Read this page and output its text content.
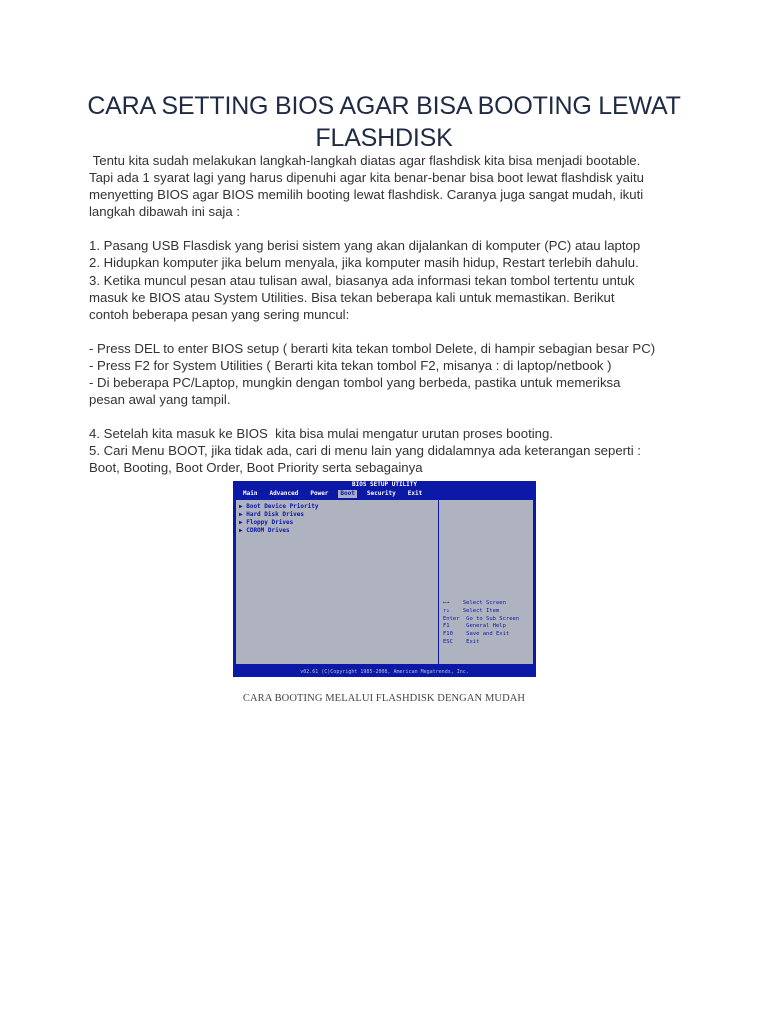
CARA SETTING BIOS AGAR BISA BOOTING LEWAT
FLASHDISK

Tentu kita sudah melakukan langkah-langkah diatas agar flashdisk kita bisa menjadi bootable.

Tapi ada 1 syarat lagi yang harus dipenuhi agar kita benar-benar bisa boot lewat flashdisk yaitu

menyetting BIOS agar BIOS memilih booting lewat flashdisk. Caranya juga sangat mudah, ikuti

langkah dibawah ini saja :

1. Pasang USB Flasdisk yang berisi sistem yang akan dijalankan di komputer (PC) atau laptop

2. Hidupkan komputer jika belum menyala, jika komputer masih hidup, Restart terlebih dahulu.

3. Ketika muncul pesan atau tulisan awal, biasanya ada informasi tekan tombol tertentu untuk

masuk ke BIOS atau System Utilities. Bisa tekan beberapa kali untuk memastikan. Berikut

contoh beberapa pesan yang sering muncul:

- Press DEL to enter BIOS setup ( berarti kita tekan tombol Delete, di hampir sebagian besar PC)

- Press F2 for System Utilities ( Berarti kita tekan tombol F2, misanya : di laptop/netbook )

- Di beberapa PC/Laptop, mungkin dengan tombol yang berbeda, pastika untuk memeriksa

pesan awal yang tampil.

4. Setelah kita masuk ke BIOS  kita bisa mulai mengatur urutan proses booting.

5. Cari Menu BOOT, jika tidak ada, cari di menu lain yang didalamnya ada keterangan seperti :

Boot, Booting, Boot Order, Boot Priority serta sebagainya

BIOS SETUP UTILITY
Main	Advanced	Power	Boot	Security	Exit
▶ Boot Device Priority
▶ Hard Disk Drives
▶ Floppy Drives
▶ CDROM Drives
←→    Select Screen
↑↓    Select Item
Enter  Go to Sub Screen
F1     General Help
F10    Save and Exit
ESC    Exit
v02.61 (C)Copyright 1985-2008, American Megatrends, Inc.
CARA BOOTING MELALUI FLASHDISK DENGAN MUDAH
